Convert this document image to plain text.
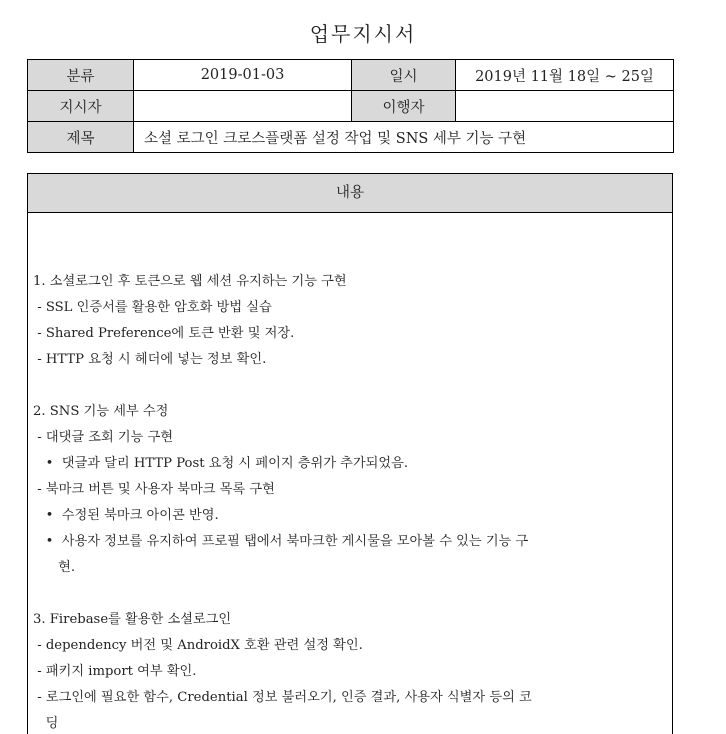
업무지시서
분류	2019-01-03	일시	2019년 11월 18일 ~ 25일
지시자		이행자	
제목	소셜 로그인 크로스플랫폼 설정 작업 및 SNS 세부 기능 구현		
내용
1. 소셜로그인 후 토큰으로 웹 세션 유지하는 기능 구현
- SSL 인증서를 활용한 암호화 방법 실습
- Shared Preference에 토큰 반환 및 저장.
- HTTP 요청 시 헤더에 넣는 정보 확인.
2. SNS 기능 세부 수정
- 대댓글 조회 기능 구현
•  댓글과 달리 HTTP Post 요청 시 페이지 층위가 추가되었음.
- 북마크 버튼 및 사용자 북마크 목록 구현
•  수정된 북마크 아이콘 반영.
•  사용자 정보를 유지하여 프로필 탭에서 북마크한 게시물을 모아볼 수 있는 기능 구
현.
3. Firebase를 활용한 소셜로그인
- dependency 버전 및 AndroidX 호환 관련 설정 확인.
- 패키지 import 여부 확인.
- 로그인에 필요한 함수, Credential 정보 불러오기, 인증 결과, 사용자 식별자 등의 코
딩
